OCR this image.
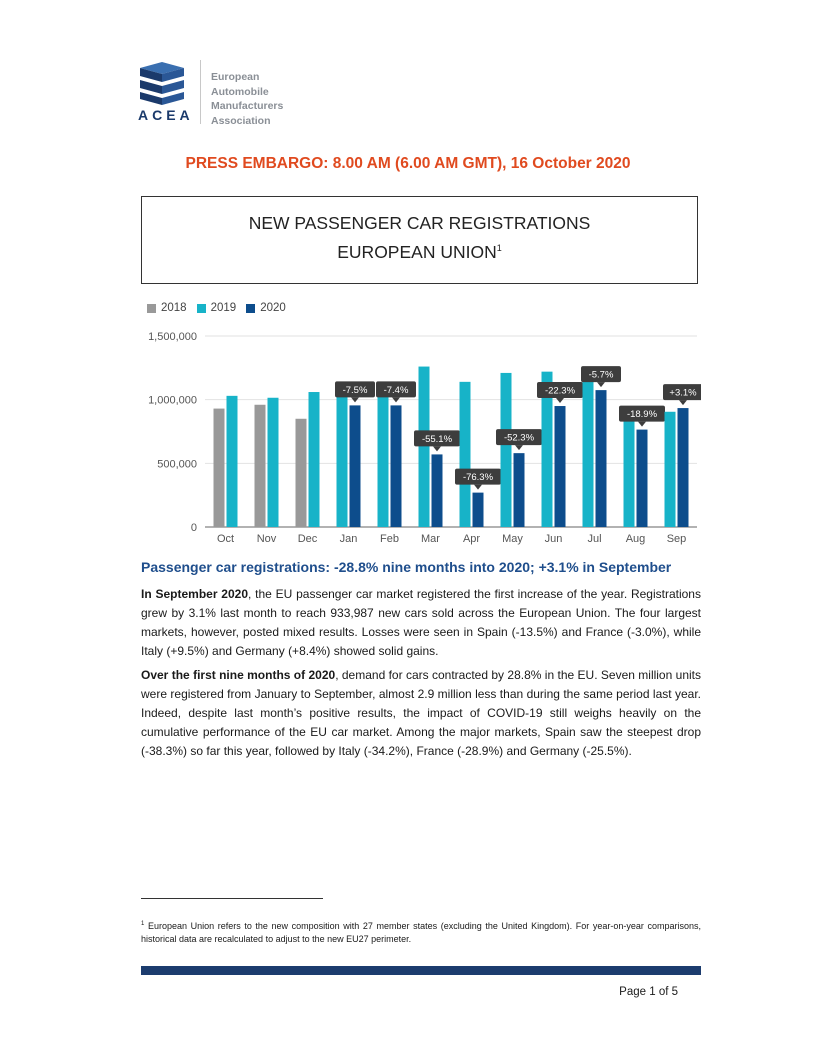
ACEA
European
Automobile
Manufacturers
Association
PRESS EMBARGO: 8.00 AM (6.00 AM GMT), 16 October 2020
NEW PASSENGER CAR REGISTRATIONS
EUROPEAN UNION$^1$
2018 2019 2020
0
500,000
1,000,000
1,500,000
Oct Nov Dec Jan
-7.5%
Feb
-7.4%
Mar
-55.1%
Apr
-76.3%
May
-52.3%
Jun
-22.3%
Jul
-5.7%
Aug
-18.9%
Sep
+3.1%
Passenger car registrations: -28.8% nine months into 2020; +3.1% in September
In September 2020, the EU passenger car market registered the first increase of the year. Registrations grew by 3.1% last month to reach 933,987 new cars sold across the European Union. The four largest markets, however, posted mixed results. Losses were seen in Spain (-13.5%) and France (-3.0%), while Italy (+9.5%) and Germany (+8.4%) showed solid gains.
Over the first nine months of 2020, demand for cars contracted by 28.8% in the EU. Seven million units were registered from January to September, almost 2.9 million less than during the same period last year. Indeed, despite last month’s positive results, the impact of COVID-19 still weighs heavily on the cumulative performance of the EU car market. Among the major markets, Spain saw the steepest drop (-38.3%) so far this year, followed by Italy (-34.2%), France (-28.9%) and Germany (-25.5%).
$^1$ European Union refers to the new composition with 27 member states (excluding the United Kingdom). For year-on-year comparisons, historical data are recalculated to adjust to the new EU27 perimeter.
Page 1 of 5
